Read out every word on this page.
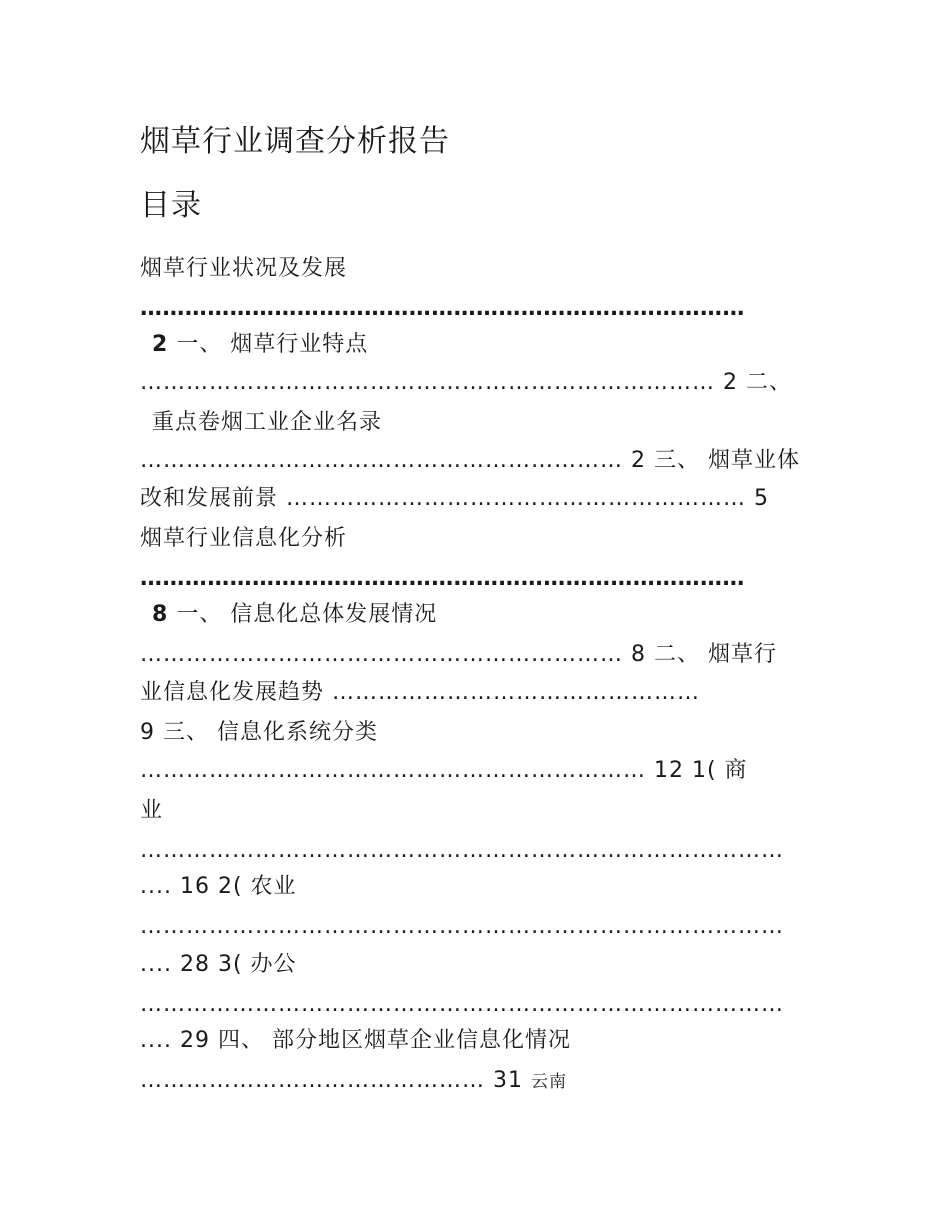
烟草行业调查分析报告
目录
烟草行业状况及发展
………………………………………………………………………
2 一、 烟草行业特点
………………………………………………………………… 2 二、
重点卷烟工业企业名录
……………………………………………………… 2 三、 烟草业体
改和发展前景 …………………………………………………… 5
烟草行业信息化分析
………………………………………………………………………
8 一、 信息化总体发展情况
……………………………………………………… 8 二、 烟草行
业信息化发展趋势 …………………………………………
9 三、 信息化系统分类
………………………………………………………… 12 1( 商
业
…………………………………………………………………………
.... 16 2( 农业
…………………………………………………………………………
.... 28 3( 办公
…………………………………………………………………………
.... 29 四、 部分地区烟草企业信息化情况
……………………………………… 31 云南
